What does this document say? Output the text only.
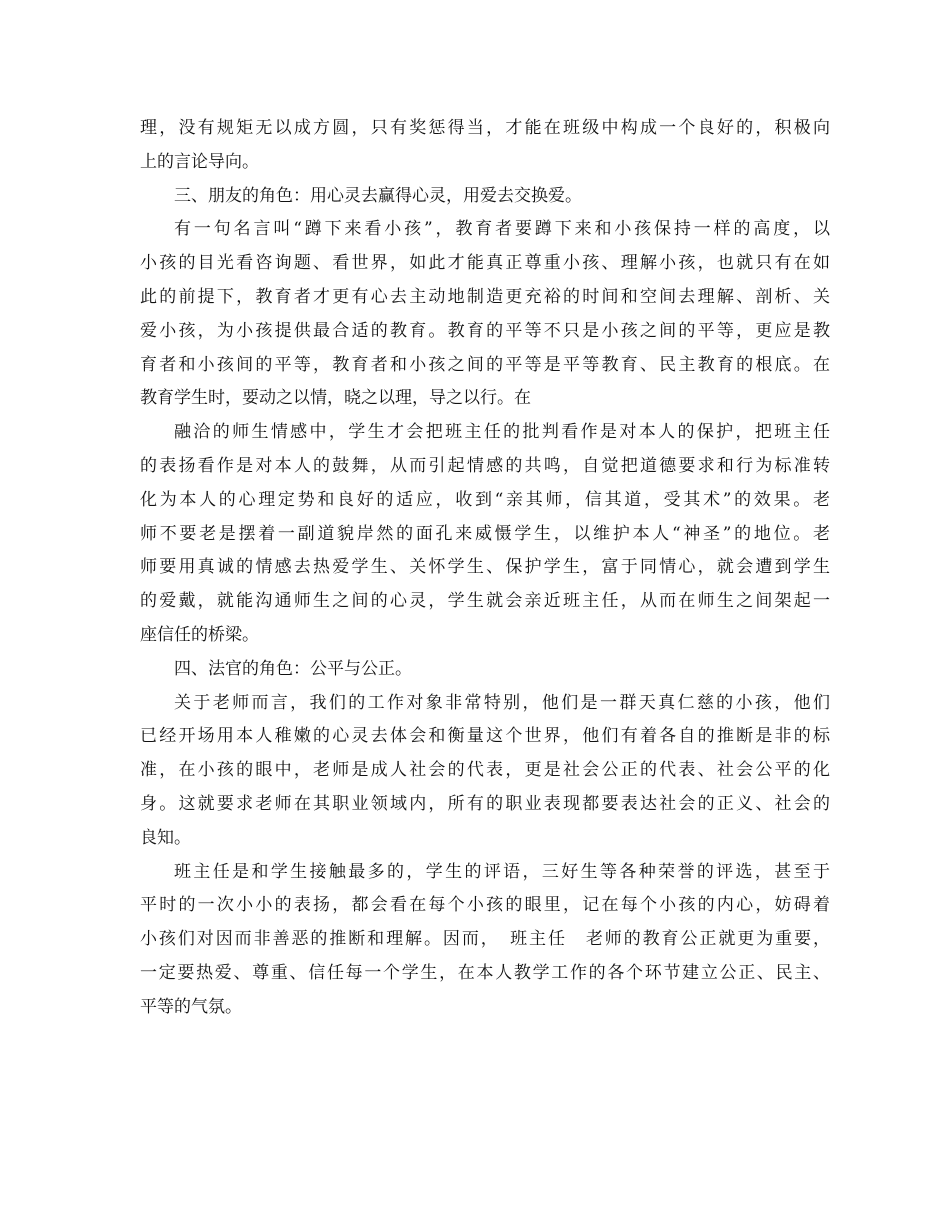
理，没有规矩无以成方圆，只有奖惩得当，才能在班级中构成一个良好的，积极向
上的言论导向。
三、朋友的角色：用心灵去赢得心灵，用爱去交换爱。
有一句名言叫“蹲下来看小孩”，教育者要蹲下来和小孩保持一样的高度，以
小孩的目光看咨询题、看世界，如此才能真正尊重小孩、理解小孩，也就只有在如
此的前提下，教育者才更有心去主动地制造更充裕的时间和空间去理解、剖析、关
爱小孩，为小孩提供最合适的教育。教育的平等不只是小孩之间的平等，更应是教
育者和小孩间的平等，教育者和小孩之间的平等是平等教育、民主教育的根底。在
教育学生时，要动之以情，晓之以理，导之以行。在
融洽的师生情感中，学生才会把班主任的批判看作是对本人的保护，把班主任
的表扬看作是对本人的鼓舞，从而引起情感的共鸣，自觉把道德要求和行为标准转
化为本人的心理定势和良好的适应，收到“亲其师，信其道，受其术”的效果。老
师不要老是摆着一副道貌岸然的面孔来威慑学生，以维护本人“神圣”的地位。老
师要用真诚的情感去热爱学生、关怀学生、保护学生，富于同情心，就会遭到学生
的爱戴，就能沟通师生之间的心灵，学生就会亲近班主任，从而在师生之间架起一
座信任的桥梁。
四、法官的角色：公平与公正。
关于老师而言，我们的工作对象非常特别，他们是一群天真仁慈的小孩，他们
已经开场用本人稚嫩的心灵去体会和衡量这个世界，他们有着各自的推断是非的标
准，在小孩的眼中，老师是成人社会的代表，更是社会公正的代表、社会公平的化
身。这就要求老师在其职业领域内，所有的职业表现都要表达社会的正义、社会的
良知。
班主任是和学生接触最多的，学生的评语，三好生等各种荣誉的评选，甚至于
平时的一次小小的表扬，都会看在每个小孩的眼里，记在每个小孩的内心，妨碍着
小孩们对因而非善恶的推断和理解。因而，　班主任　老师的教育公正就更为重要，
一定要热爱、尊重、信任每一个学生，在本人教学工作的各个环节建立公正、民主、
平等的气氛。
